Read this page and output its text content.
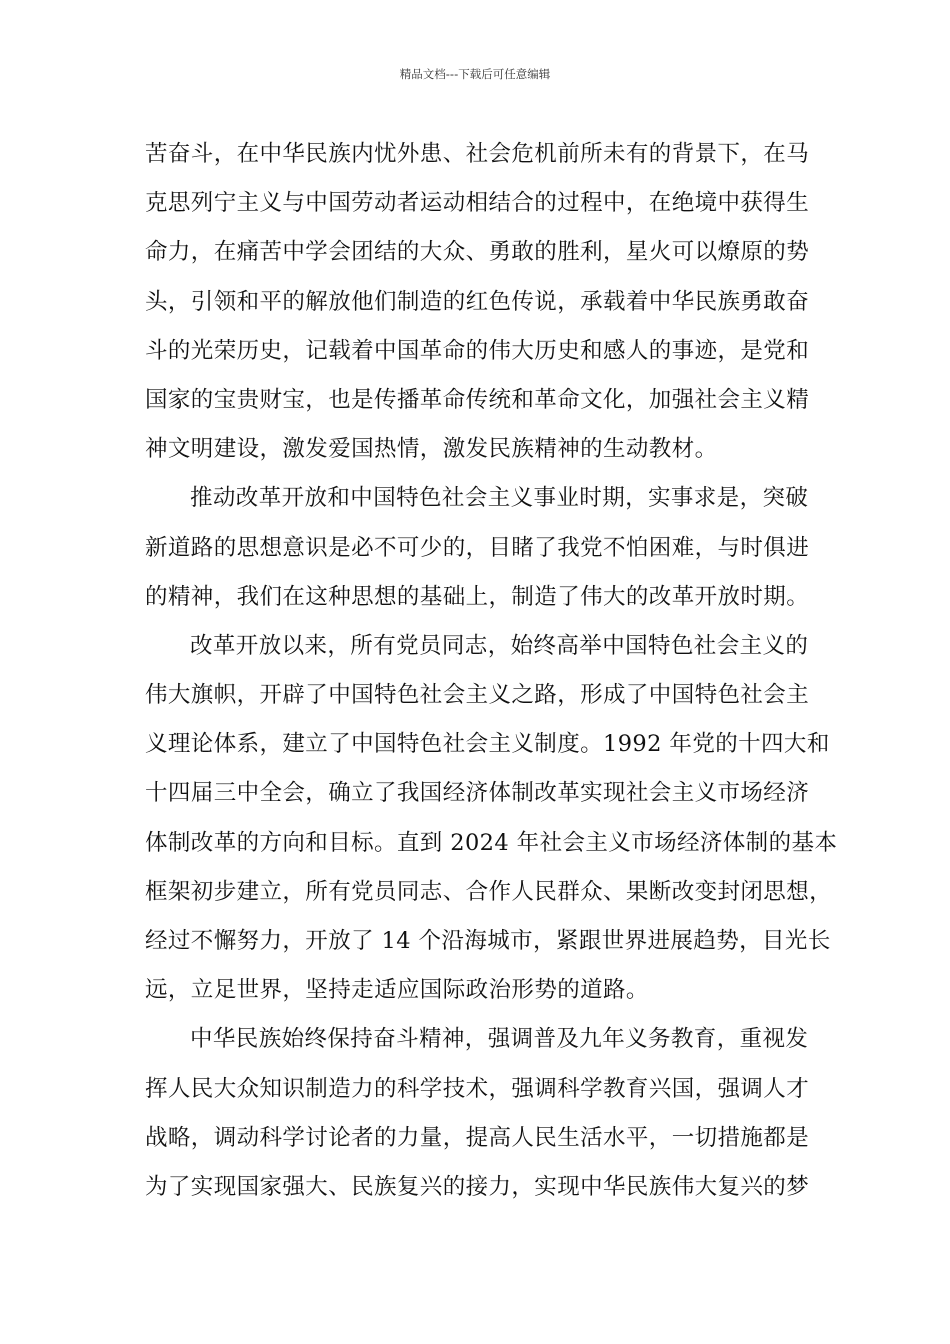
精品文档---下载后可任意编辑
苦奋斗，在中华民族内忧外患、社会危机前所未有的背景下，在马
克思列宁主义与中国劳动者运动相结合的过程中，在绝境中获得生
命力，在痛苦中学会团结的大众、勇敢的胜利，星火可以燎原的势
头，引领和平的解放他们制造的红色传说，承载着中华民族勇敢奋
斗的光荣历史，记载着中国革命的伟大历史和感人的事迹，是党和
国家的宝贵财宝，也是传播革命传统和革命文化，加强社会主义精
神文明建设，激发爱国热情，激发民族精神的生动教材。
推动改革开放和中国特色社会主义事业时期，实事求是，突破
新道路的思想意识是必不可少的，目睹了我党不怕困难，与时俱进
的精神，我们在这种思想的基础上，制造了伟大的改革开放时期。
改革开放以来，所有党员同志，始终高举中国特色社会主义的
伟大旗帜，开辟了中国特色社会主义之路，形成了中国特色社会主
义理论体系，建立了中国特色社会主义制度。1992 年党的十四大和
十四届三中全会，确立了我国经济体制改革实现社会主义市场经济
体制改革的方向和目标。直到 2024 年社会主义市场经济体制的基本
框架初步建立，所有党员同志、合作人民群众、果断改变封闭思想，
经过不懈努力，开放了 14 个沿海城市，紧跟世界进展趋势，目光长
远，立足世界，坚持走适应国际政治形势的道路。
中华民族始终保持奋斗精神，强调普及九年义务教育，重视发
挥人民大众知识制造力的科学技术，强调科学教育兴国，强调人才
战略，调动科学讨论者的力量，提高人民生活水平，一切措施都是
为了实现国家强大、民族复兴的接力，实现中华民族伟大复兴的梦
